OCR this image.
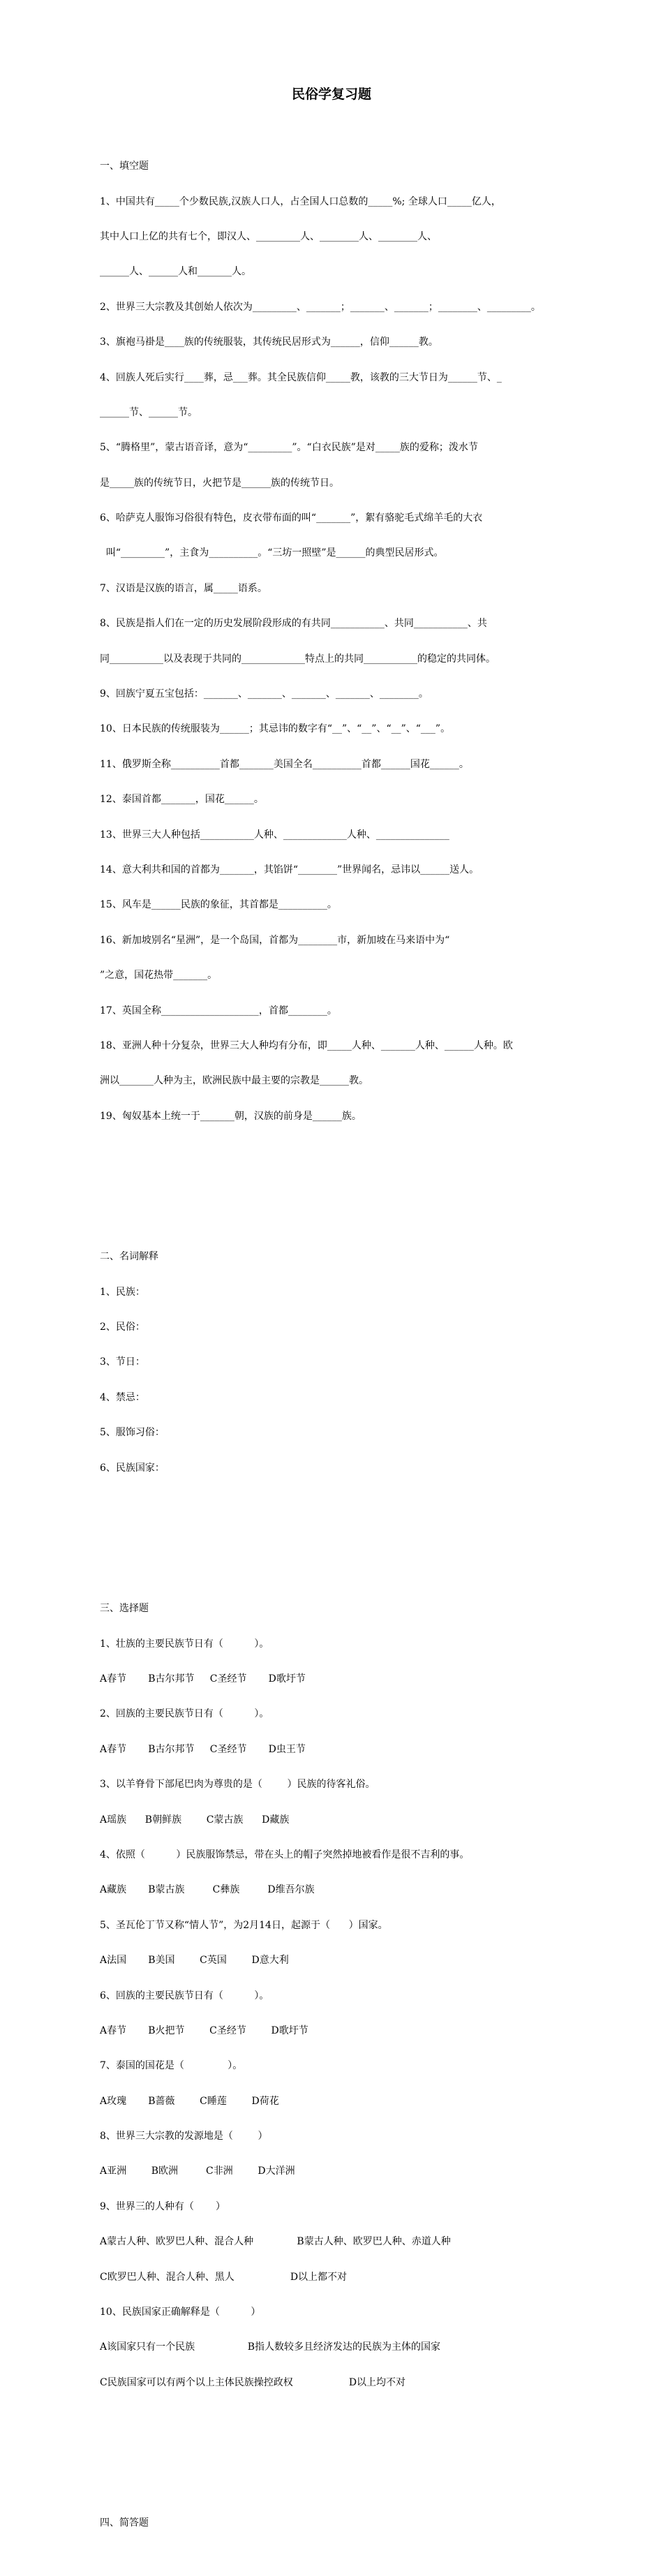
民俗学复习题

一、填空题

1、中国共有_____个少数民族,汉族人口人，占全国人口总数的_____%; 全球人口_____亿人，

其中人口上亿的共有七个，即汉人、_________人、________人、________人、

______人、______人和_______人。

2、世界三大宗教及其创始人依次为_________、_______；_______、_______；________、_________。

3、旗袍马褂是____族的传统服装，其传统民居形式为______，信仰______教。

4、回族人死后实行____葬，忌___葬。其全民族信仰_____教，该教的三大节日为______节、_

______节、______节。

5、“腾格里”，蒙古语音译，意为“_________”。“白衣民族”是对_____族的爱称；泼水节

是_____族的传统节日，火把节是______族的传统节日。

6、哈萨克人服饰习俗很有特色，皮衣带布面的叫“_______”，絮有骆驼毛式绵羊毛的大衣

叫“_________”，主食为__________。“三坊一照壁”是______的典型民居形式。

7、汉语是汉族的语言，属_____语系。

8、民族是指人们在一定的历史发展阶段形成的有共同___________、共同___________、共

同___________以及表现于共同的_____________特点上的共同___________的稳定的共同体。

9、回族宁夏五宝包括：_______、_______、_______、_______、________。

10、日本民族的传统服装为______；其忌讳的数字有“__”、“__”、“__”、“___”。

11、俄罗斯全称__________首都_______美国全名__________首都______国花______。

12、泰国首都_______，国花______。

13、世界三大人种包括___________人种、_____________人种、_______________

14、意大利共和国的首都为_______，其馅饼“________”世界闻名，忌讳以______送人。

15、风车是______民族的象征，其首都是__________。

16、新加坡别名“星洲”，是一个岛国，首都为________市，新加坡在马来语中为“

”之意，国花热带_______。

17、英国全称____________________，首都________。

18、亚洲人种十分复杂，世界三大人种均有分布，即_____人种、_______人种、______人种。欧

洲以_______人种为主，欧洲民族中最主要的宗教是______教。

19、匈奴基本上统一于_______朝，汉族的前身是______族。

二、名词解释

1、民族：

2、民俗：

3、节日：

4、禁忌：

5、服饰习俗：

6、民族国家：

三、选择题

1、壮族的主要民族节日有（          ）。

A春节       B古尔邦节     C圣经节       D歌圩节

2、回族的主要民族节日有（          ）。

A春节       B古尔邦节     C圣经节       D虫王节

3、以羊脊骨下部尾巴肉为尊贵的是（        ）民族的待客礼俗。

A瑶族      B朝鲜族        C蒙古族      D藏族

4、依照（          ）民族服饰禁忌，带在头上的帽子突然掉地被看作是很不吉利的事。

A藏族       B蒙古族         C彝族         D维吾尔族

5、圣瓦伦丁节又称“情人节”，为2月14日，起源于（      ）国家。

A法国       B美国        C英国        D意大利

6、回族的主要民族节日有（          ）。

A春节       B火把节        C圣经节        D歌圩节

7、泰国的国花是（              ）。

A玫瑰       B蔷薇        C睡莲        D荷花

8、世界三大宗教的发源地是（        ）

A亚洲        B欧洲         C非洲        D大洋洲

9、世界三的人种有（       ）

A蒙古人种、欧罗巴人种、混合人种              B蒙古人种、欧罗巴人种、赤道人种

C欧罗巴人种、混合人种、黑人                  D以上都不对

10、民族国家正确解释是（          ）

A该国家只有一个民族                 B指人数较多且经济发达的民族为主体的国家

C民族国家可以有两个以上主体民族操控政权                  D以上均不对

四、简答题
